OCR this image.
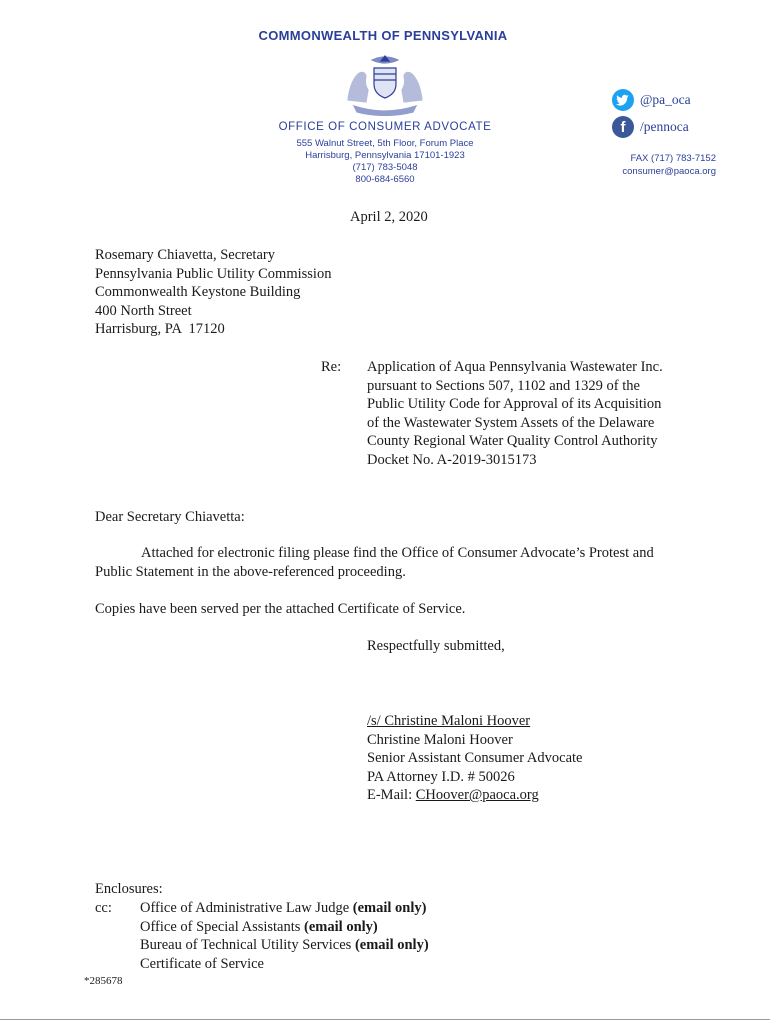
COMMONWEALTH OF PENNSYLVANIA
OFFICE OF CONSUMER ADVOCATE
555 Walnut Street, 5th Floor, Forum Place
Harrisburg, Pennsylvania 17101-1923
(717) 783-5048
800-684-6560
@pa_oca
f	/pennoca
FAX (717) 783-7152
consumer@paoca.org
April 2, 2020
Rosemary Chiavetta, Secretary
Pennsylvania Public Utility Commission
Commonwealth Keystone Building
400 North Street
Harrisburg, PA  17120
Re: Application of Aqua Pennsylvania Wastewater Inc.
pursuant to Sections 507, 1102 and 1329 of the
Public Utility Code for Approval of its Acquisition
of the Wastewater System Assets of the Delaware
County Regional Water Quality Control Authority
Docket No. A-2019-3015173
Dear Secretary Chiavetta:
Attached for electronic filing please find the Office of Consumer Advocate’s Protest and
Public Statement in the above-referenced proceeding.
Copies have been served per the attached Certificate of Service.
Respectfully submitted,
/s/ Christine Maloni Hoover
Christine Maloni Hoover
Senior Assistant Consumer Advocate
PA Attorney I.D. # 50026
E-Mail: CHoover@paoca.org
Enclosures:
cc: Office of Administrative Law Judge (email only)
Office of Special Assistants (email only)
Bureau of Technical Utility Services (email only)
Certificate of Service
*285678
